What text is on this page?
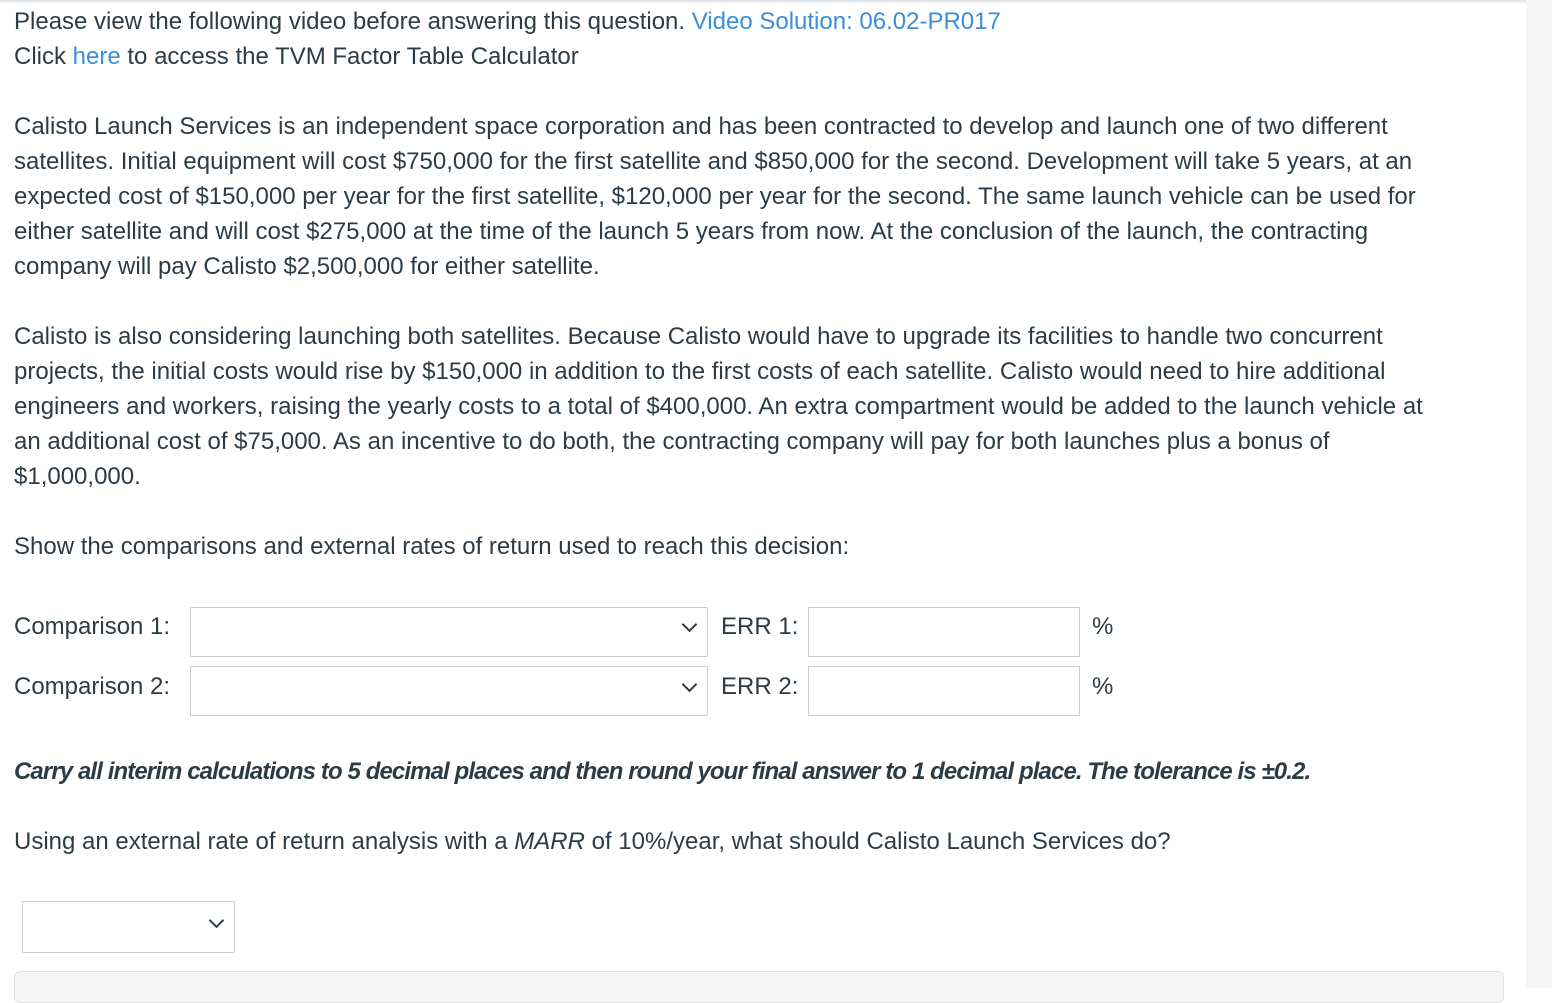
Please view the following video before answering this question. Video Solution: 06.02-PR017
Click here to access the TVM Factor Table Calculator
Calisto Launch Services is an independent space corporation and has been contracted to develop and launch one of two different
satellites. Initial equipment will cost $750,000 for the first satellite and $850,000 for the second. Development will take 5 years, at an
expected cost of $150,000 per year for the first satellite, $120,000 per year for the second. The same launch vehicle can be used for
either satellite and will cost $275,000 at the time of the launch 5 years from now. At the conclusion of the launch, the contracting
company will pay Calisto $2,500,000 for either satellite.
Calisto is also considering launching both satellites. Because Calisto would have to upgrade its facilities to handle two concurrent
projects, the initial costs would rise by $150,000 in addition to the first costs of each satellite. Calisto would need to hire additional
engineers and workers, raising the yearly costs to a total of $400,000. An extra compartment would be added to the launch vehicle at
an additional cost of $75,000. As an incentive to do both, the contracting company will pay for both launches plus a bonus of
$1,000,000.
Show the comparisons and external rates of return used to reach this decision:
Comparison 1:	ERR 1:	%
Comparison 2:	ERR 2:	%
Carry all interim calculations to 5 decimal places and then round your final answer to 1 decimal place. The tolerance is ±0.2.
Using an external rate of return analysis with a MARR of 10%/year, what should Calisto Launch Services do?
